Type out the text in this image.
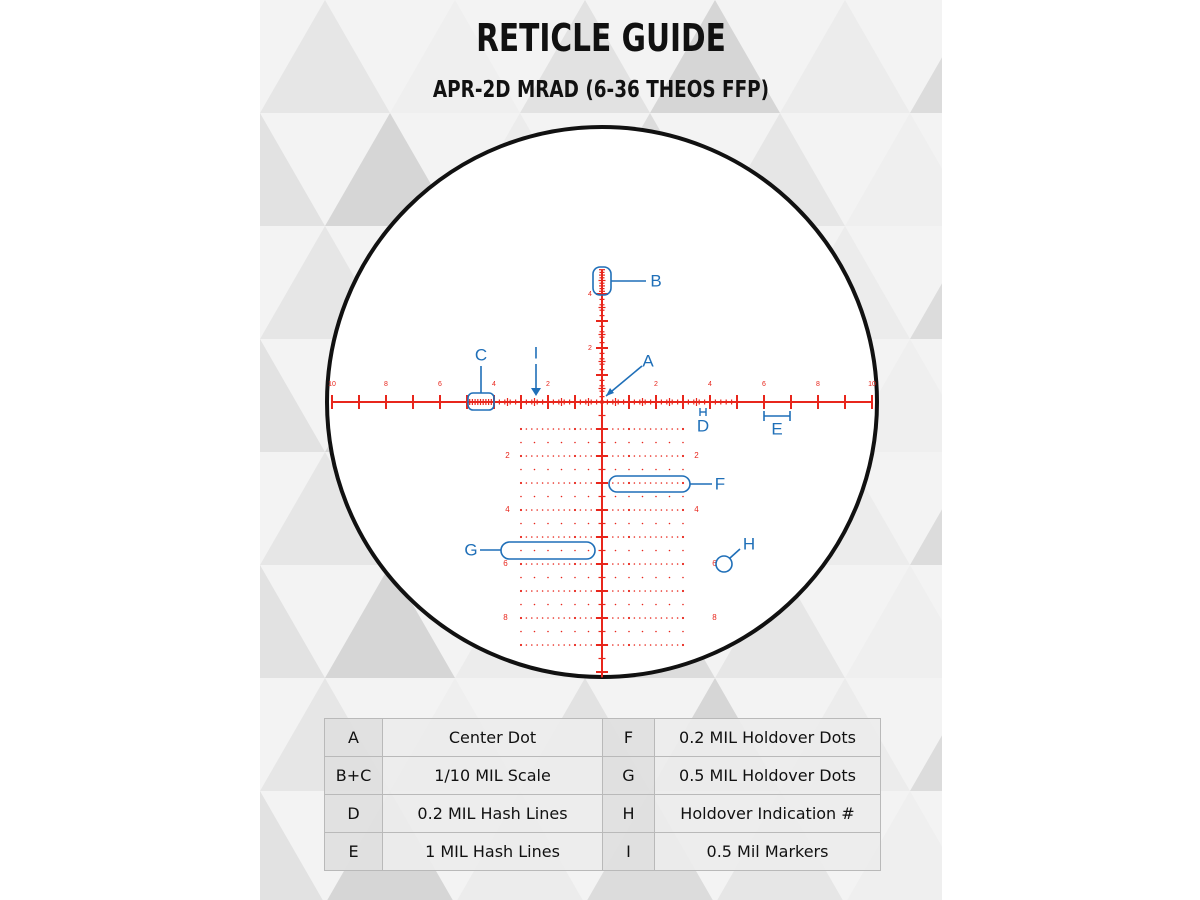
RETICLE GUIDE
APR-2D MRAD (6-36 THEOS FFP)
10	8	6	4	2	2	4	6	8	10
4
2
2	2
4	4
6	6
8	8
B
A
C	I
D	E
F
G	H
A	Center Dot	F	0.2 MIL Holdover Dots
B+C	1/10 MIL Scale	G	0.5 MIL Holdover Dots
D	0.2 MIL Hash Lines	H	Holdover Indication #
E	1 MIL Hash Lines	I	0.5 Mil Markers
